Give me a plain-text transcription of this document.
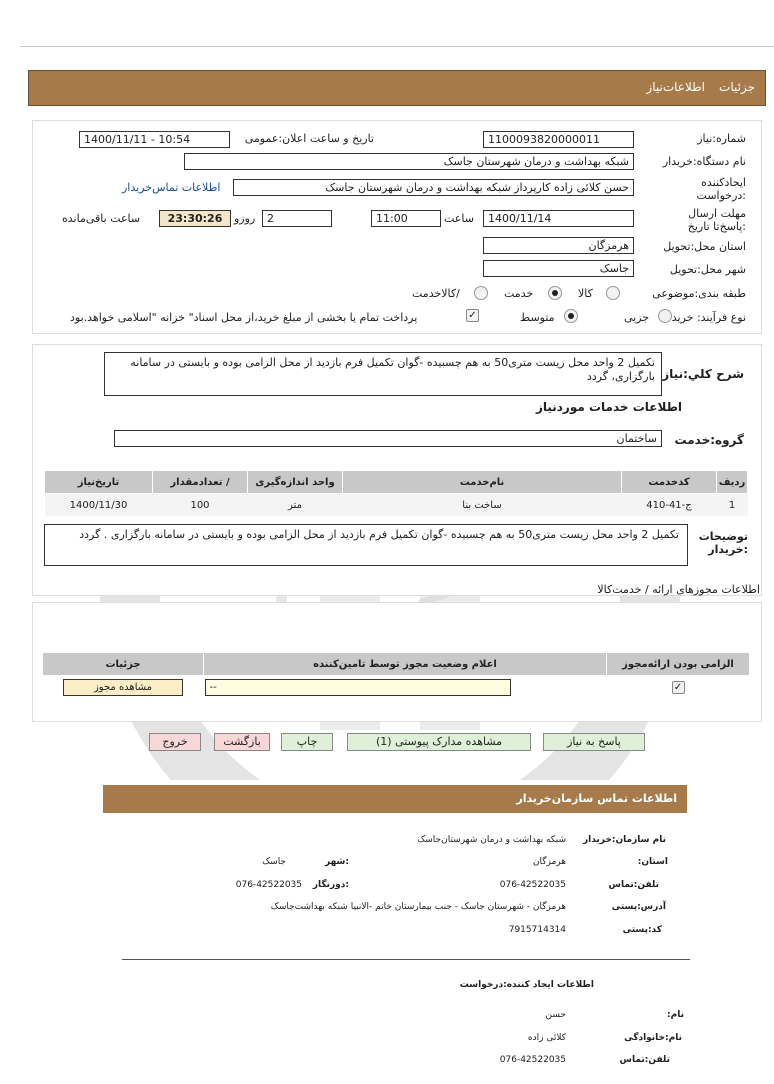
جزئیات
اطلاعات‌نیاز
شماره:نیاز
1100093820000011
تاریخ و ساعت اعلان:عمومی
1400/11/11 - 10:54
نام دستگاه:خریدار
شبکه بهداشت و درمان شهرستان جاسک
ایجادکننده :درخواست
حسن کلائی زاده کارپرداز شبکه بهداشت و درمان شهرستان جاسک
اطلاعات تماس‌خریدار
مهلت ارسال :پاسخ‌تا تاریخ
1400/11/14
ساعت
11:00
2
روزو
23:30:26
ساعت باقی‌مانده
استان محل:تحویل
هرمزگان
شهر محل:تحویل
جاسک
طبقه بندی:موضوعی
کالا
خدمت
/کالاخدمت
نوع فرآیند: خرید
جزیی
متوسط
✓
پرداخت تمام یا بخشی از مبلغ خرید،از محل اسناد" خزانه "اسلامی خواهد.بود
شرح کلي:نياز
تکمیل 2 واحد محل زیست متری50 به هم چسبیده -گوان تکمیل فرم بازدید از محل الزامی بوده و بایستی در سامانه بارگزاری، گردد
اطلاعات خدمات موردنیاز
گروه:خدمت
ساختمان
ردیف	کدخدمت	نام‌خدمت	واحد اندازه‌گیری	/ تعدادمقدار	تاریخ‌نیاز
1	ج-41-410	ساخت بنا	متر	100	1400/11/30
توضیحات :خریدار
تکمیل 2 واحد محل زیست متری50 به هم چسبیده -گوان تکمیل فرم بازدید از محل الزامی بوده و بایستی در سامانه بارگزاری . گردد
اطلاعات مجوزهای ارائه / خدمت‌کالا
الزامی بودن ارائه‌مجوز	اعلام وضعیت مجوز توسط تامین‌کننده	جزئیات
✓	--	مشاهده مجوز
پاسخ به نیاز
مشاهده مدارک پیوستی (1)
چاپ
بازگشت
خروج
اطلاعات تماس سازمان‌خریدار
نام سازمان:خریدار
شبکه بهداشت و درمان شهرستان‌جاسک
استان:
هرمزگان
:شهر
جاسک
تلفن:تماس
076-42522035
:دورنگار
076-42522035
آدرس:پستی
هرمزگان - شهرستان جاسک - جنب بیمارستان خاتم -الانبیا شبکه بهداشت‌جاسک
کد:پستی
7915714314
اطلاعات ایجاد کننده:درخواست
نام:
حسن
نام:خانوادگی
کلائی زاده
تلفن:تماس
076-42522035
